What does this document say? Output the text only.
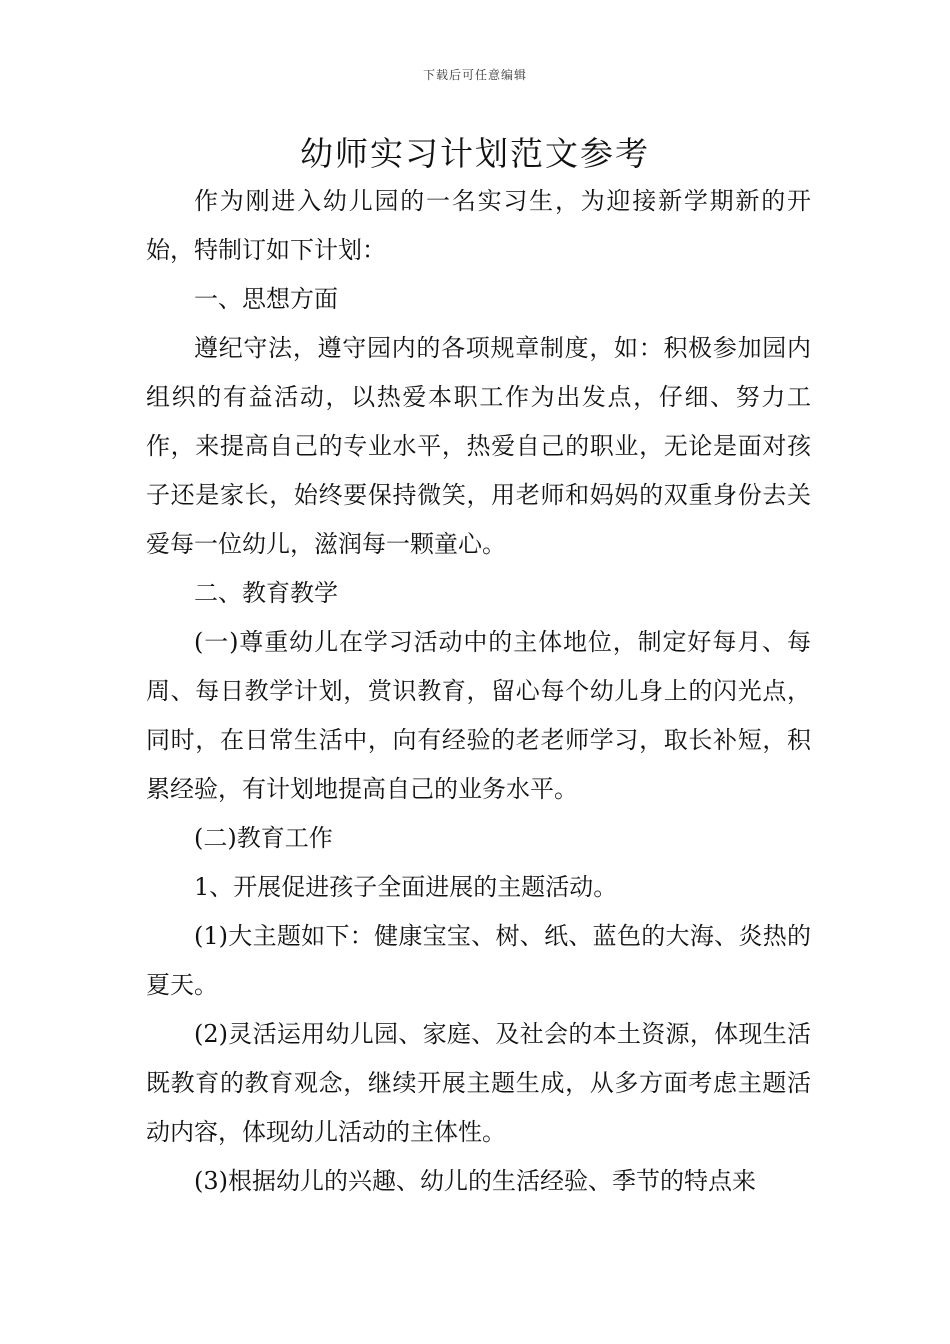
下载后可任意编辑
幼师实习计划范文参考

作为刚进入幼儿园的一名实习生，为迎接新学期新的开始，特制订如下计划：

一、思想方面

遵纪守法，遵守园内的各项规章制度，如：积极参加园内组织的有益活动，以热爱本职工作为出发点，仔细、努力工作，来提高自己的专业水平，热爱自己的职业，无论是面对孩子还是家长，始终要保持微笑，用老师和妈妈的双重身份去关爱每一位幼儿，滋润每一颗童心。

二、教育教学

(一)尊重幼儿在学习活动中的主体地位，制定好每月、每周、每日教学计划，赏识教育，留心每个幼儿身上的闪光点，同时，在日常生活中，向有经验的老老师学习，取长补短，积累经验，有计划地提高自己的业务水平。

(二)教育工作

1、开展促进孩子全面进展的主题活动。

(1)大主题如下：健康宝宝、树、纸、蓝色的大海、炎热的夏天。

(2)灵活运用幼儿园、家庭、及社会的本土资源，体现生活既教育的教育观念，继续开展主题生成，从多方面考虑主题活动内容，体现幼儿活动的主体性。

(3)根据幼儿的兴趣、幼儿的生活经验、季节的特点来
